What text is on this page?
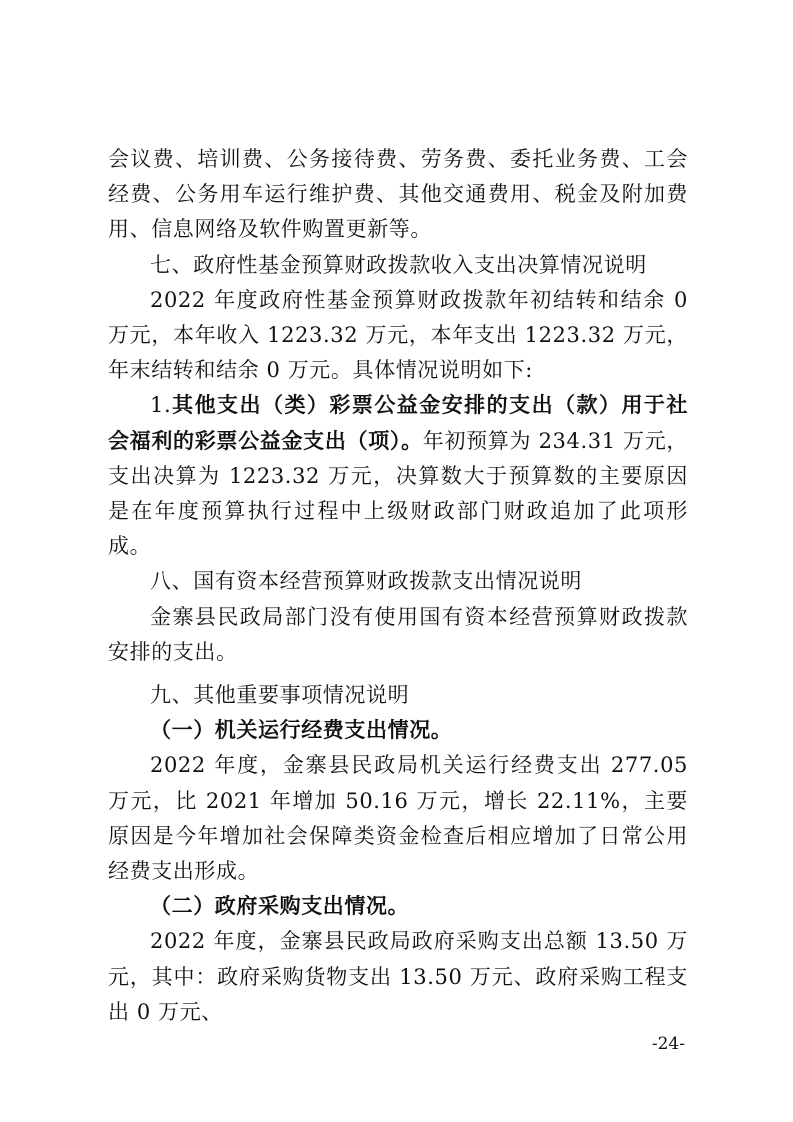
会议费、培训费、公务接待费、劳务费、委托业务费、工会经费、公务用车运行维护费、其他交通费用、税金及附加费用、信息网络及软件购置更新等。

七、政府性基金预算财政拨款收入支出决算情况说明

2022 年度政府性基金预算财政拨款年初结转和结余 0 万元，本年收入 1223.32 万元，本年支出 1223.32 万元，年末结转和结余 0 万元。具体情况说明如下:

1.其他支出（类）彩票公益金安排的支出（款）用于社会福利的彩票公益金支出（项）。年初预算为 234.31 万元，支出决算为 1223.32 万元，决算数大于预算数的主要原因是在年度预算执行过程中上级财政部门财政追加了此项形成。

八、国有资本经营预算财政拨款支出情况说明

金寨县民政局部门没有使用国有资本经营预算财政拨款安排的支出。

九、其他重要事项情况说明

（一）机关运行经费支出情况。

2022 年度，金寨县民政局机关运行经费支出 277.05 万元，比 2021 年增加 50.16 万元，增长 22.11%，主要原因是今年增加社会保障类资金检查后相应增加了日常公用经费支出形成。

（二）政府采购支出情况。

2022 年度，金寨县民政局政府采购支出总额 13.50 万元，其中：政府采购货物支出 13.50 万元、政府采购工程支出 0 万元、

-24-
